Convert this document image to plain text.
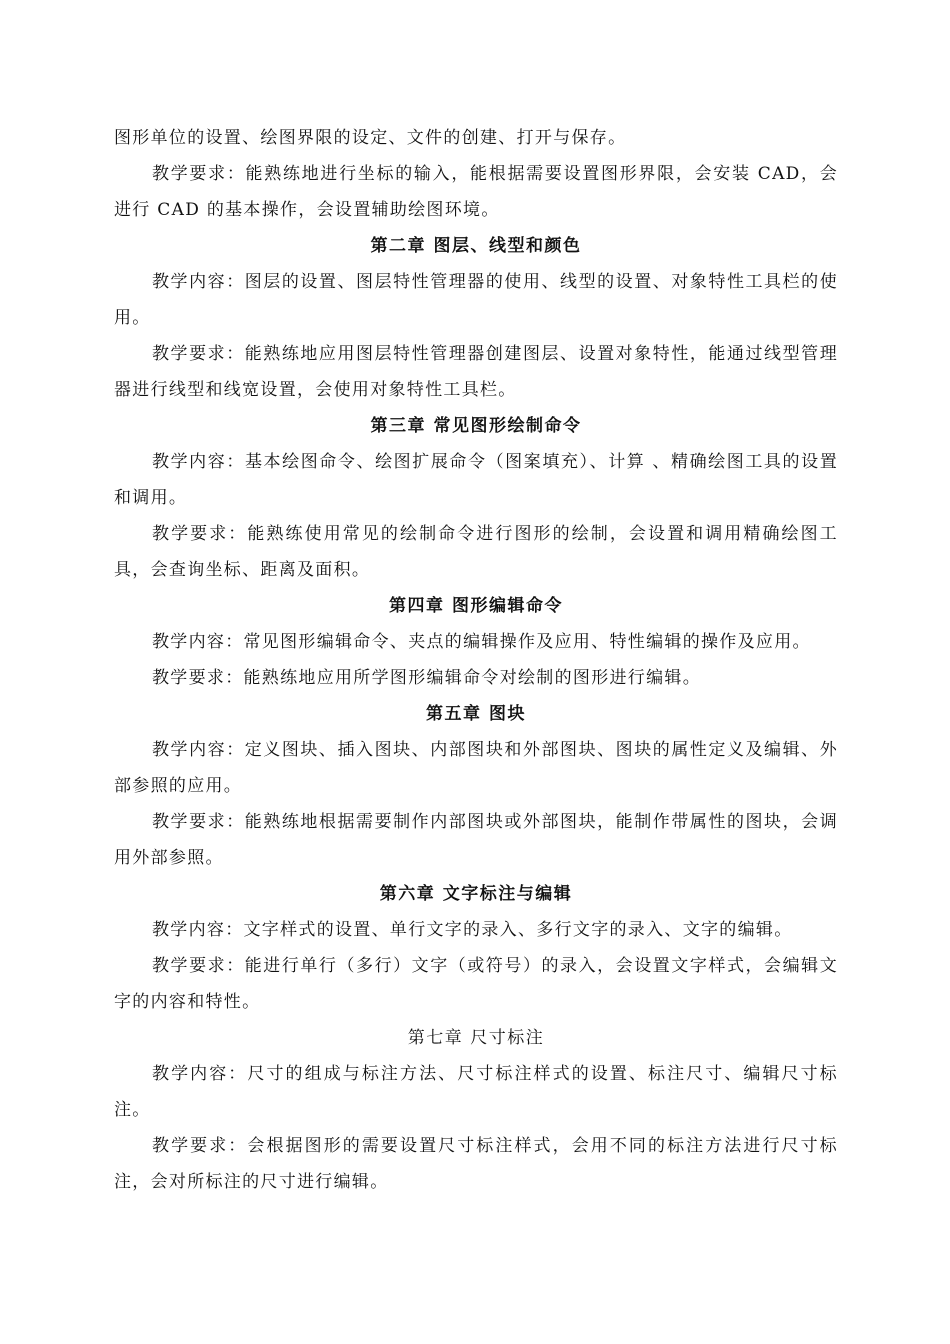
图形单位的设置、绘图界限的设定、文件的创建、打开与保存。
教学要求：能熟练地进行坐标的输入，能根据需要设置图形界限，会安装 CAD，会进行 CAD 的基本操作，会设置辅助绘图环境。
第二章 图层、线型和颜色
教学内容：图层的设置、图层特性管理器的使用、线型的设置、对象特性工具栏的使用。
教学要求：能熟练地应用图层特性管理器创建图层、设置对象特性，能通过线型管理器进行线型和线宽设置，会使用对象特性工具栏。
第三章 常见图形绘制命令
教学内容：基本绘图命令、绘图扩展命令（图案填充）、计算 、精确绘图工具的设置和调用。
教学要求：能熟练使用常见的绘制命令进行图形的绘制，会设置和调用精确绘图工具，会查询坐标、距离及面积。
第四章 图形编辑命令
教学内容：常见图形编辑命令、夹点的编辑操作及应用、特性编辑的操作及应用。
教学要求：能熟练地应用所学图形编辑命令对绘制的图形进行编辑。
第五章 图块
教学内容：定义图块、插入图块、内部图块和外部图块、图块的属性定义及编辑、外部参照的应用。
教学要求：能熟练地根据需要制作内部图块或外部图块，能制作带属性的图块，会调用外部参照。
第六章 文字标注与编辑
教学内容：文字样式的设置、单行文字的录入、多行文字的录入、文字的编辑。
教学要求：能进行单行（多行）文字（或符号）的录入，会设置文字样式，会编辑文字的内容和特性。
第七章 尺寸标注
教学内容：尺寸的组成与标注方法、尺寸标注样式的设置、标注尺寸、编辑尺寸标注。
教学要求：会根据图形的需要设置尺寸标注样式，会用不同的标注方法进行尺寸标注，会对所标注的尺寸进行编辑。
